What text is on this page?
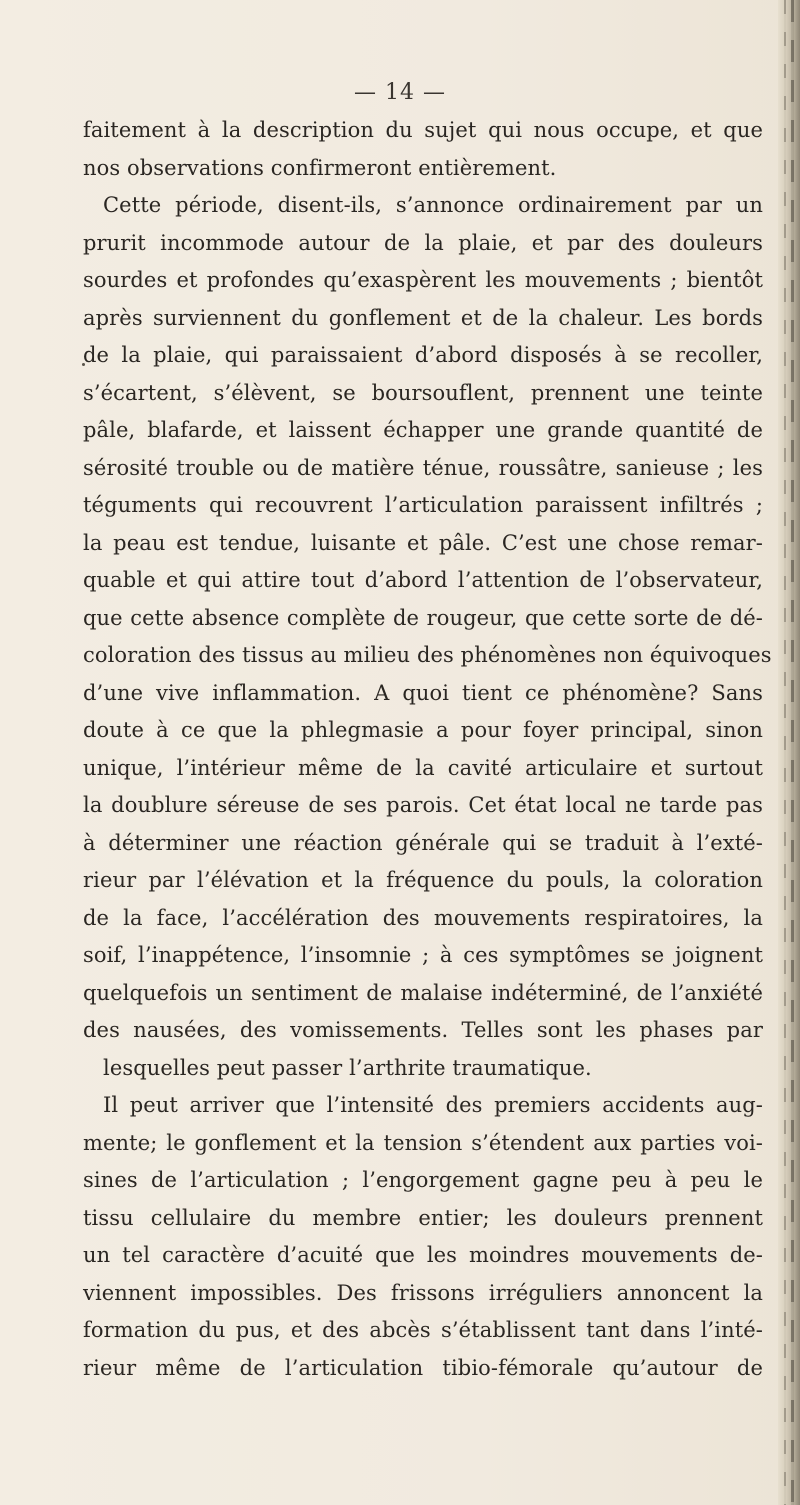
— 14 —
faitement à la description du sujet qui nous occupe, et que
nos observations confirmeront entièrement.
Cette période, disent-ils, s’annonce ordinairement par un
prurit incommode autour de la plaie, et par des douleurs
sourdes et profondes qu’exaspèrent les mouvements ; bientôt
après surviennent du gonflement et de la chaleur. Les bords
de la plaie, qui paraissaient d’abord disposés à se recoller,
s’écartent, s’élèvent, se boursouflent, prennent une teinte
pâle, blafarde, et laissent échapper une grande quantité de
sérosité trouble ou de matière ténue, roussâtre, sanieuse ; les
téguments qui recouvrent l’articulation paraissent infiltrés ;
la peau est tendue, luisante et pâle. C’est une chose remar-
quable et qui attire tout d’abord l’attention de l’observateur,
que cette absence complète de rougeur, que cette sorte de dé-
coloration des tissus au milieu des phénomènes non équivoques
d’une vive inflammation. A quoi tient ce phénomène? Sans
doute à ce que la phlegmasie a pour foyer principal, sinon
unique, l’intérieur même de la cavité articulaire et surtout
la doublure séreuse de ses parois. Cet état local ne tarde pas
à déterminer une réaction générale qui se traduit à l’exté-
rieur par l’élévation et la fréquence du pouls, la coloration
de la face, l’accélération des mouvements respiratoires, la
soif, l’inappétence, l’insomnie ; à ces symptômes se joignent
quelquefois un sentiment de malaise indéterminé, de l’anxiété
des nausées, des vomissements. Telles sont les phases par
lesquelles peut passer l’arthrite traumatique.
Il peut arriver que l’intensité des premiers accidents aug-
mente; le gonflement et la tension s’étendent aux parties voi-
sines de l’articulation ; l’engorgement gagne peu à peu le
tissu cellulaire du membre entier; les douleurs prennent
un tel caractère d’acuité que les moindres mouvements de-
viennent impossibles. Des frissons irréguliers annoncent la
formation du pus, et des abcès s’établissent tant dans l’inté-
rieur même de l’articulation tibio-fémorale qu’autour de
